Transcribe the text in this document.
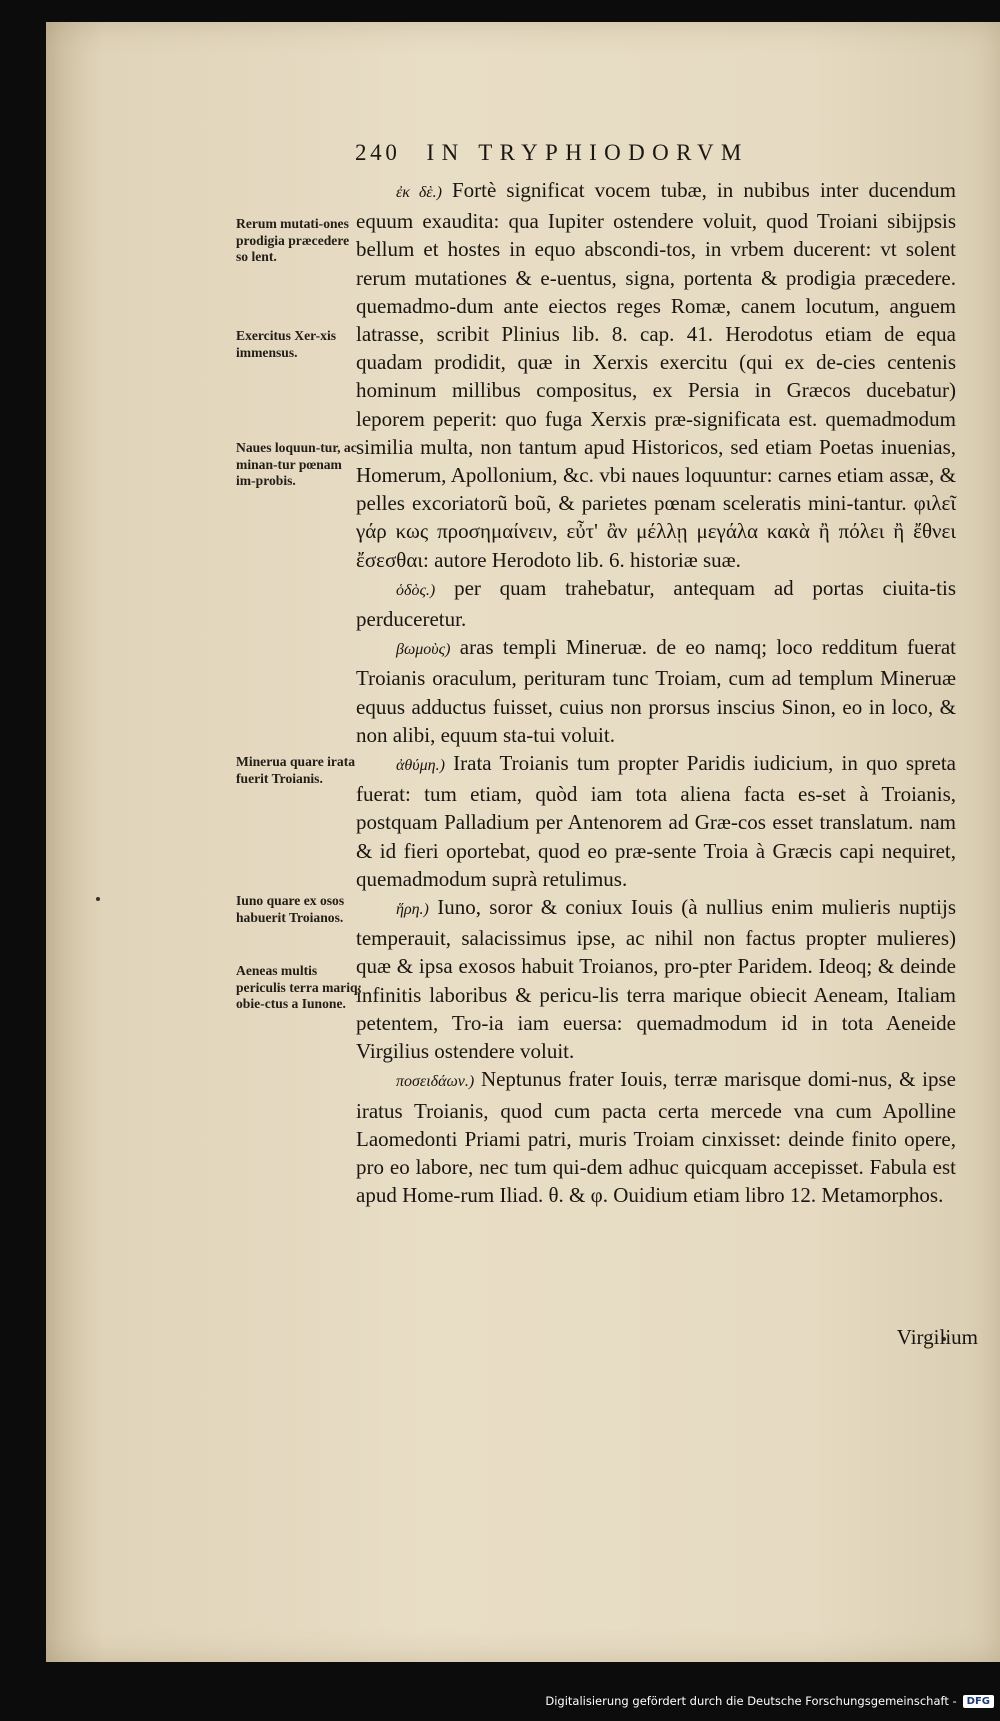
240 IN TRYPHIODORVM
Rerum mutati-ones prodigia præcedere so lent.
Exercitus Xer-xis immensus.
Naues loquun-tur, ac minan-tur pœnam im-probis.
Minerua quare irata fuerit Troianis.
Iuno quare ex osos habuerit Troianos.
Aeneas multis periculis terra mariq; obie-ctus a Iunone.

ἐκ δὲ.) Fortè significat vocem tubæ, in nubibus inter ducendum equum exaudita: qua Iupiter ostendere voluit, quod Troiani sibijpsis bellum et hostes in equo abscondi-tos, in vrbem ducerent: vt solent rerum mutationes & e-uentus, signa, portenta & prodigia præcedere. quemadmo-dum ante eiectos reges Romæ, canem locutum, anguem latrasse, scribit Plinius lib. 8. cap. 41. Herodotus etiam de equa quadam prodidit, quæ in Xerxis exercitu (qui ex de-cies centenis hominum millibus compositus, ex Persia in Græcos ducebatur) leporem peperit: quo fuga Xerxis præ-significata est. quemadmodum similia multa, non tantum apud Historicos, sed etiam Poetas inuenias, Homerum, Apollonium, &c. vbi naues loquuntur: carnes etiam assæ, & pelles excoriatorũ boũ, & parietes pœnam sceleratis mini-tantur. φιλεῖ γάρ κως προσημαίνειν, εὖτ' ἂν μέλλῃ μεγάλα κακὰ ἢ πόλει ἢ ἔθνει ἔσεσθαι: autore Herodoto lib. 6. historiæ suæ.

ὁδὸς.) per quam trahebatur, antequam ad portas ciuita-tis perduceretur.

βωμοὺς) aras templi Mineruæ. de eo namq; loco redditum fuerat Troianis oraculum, perituram tunc Troiam, cum ad templum Mineruæ equus adductus fuisset, cuius non prorsus inscius Sinon, eo in loco, & non alibi, equum sta-tui voluit.

ἀθύμη.) Irata Troianis tum propter Paridis iudicium, in quo spreta fuerat: tum etiam, quòd iam tota aliena facta es-set à Troianis, postquam Palladium per Antenorem ad Græ-cos esset translatum. nam & id fieri oportebat, quod eo præ-sente Troia à Græcis capi nequiret, quemadmodum suprà retulimus.

ἥρη.) Iuno, soror & coniux Iouis (à nullius enim mulieris nuptijs temperauit, salacissimus ipse, ac nihil non factus propter mulieres) quæ & ipsa exosos habuit Troianos, pro-pter Paridem. Ideoq; & deinde infinitis laboribus & pericu-lis terra marique obiecit Aeneam, Italiam petentem, Tro-ia iam euersa: quemadmodum id in tota Aeneide Virgilius ostendere voluit.

ποσειδάων.) Neptunus frater Iouis, terræ marisque domi-nus, & ipse iratus Troianis, quod cum pacta certa mercede vna cum Apolline Laomedonti Priami patri, muris Troiam cinxisset: deinde finito opere, pro eo labore, nec tum qui-dem adhuc quicquam accepisset. Fabula est apud Home-rum Iliad. θ. & φ. Ouidium etiam libro 12. Metamorphos.

Virgilium
Digitalisierung gefördert durch die Deutsche Forschungsgemeinschaft -	DFG
